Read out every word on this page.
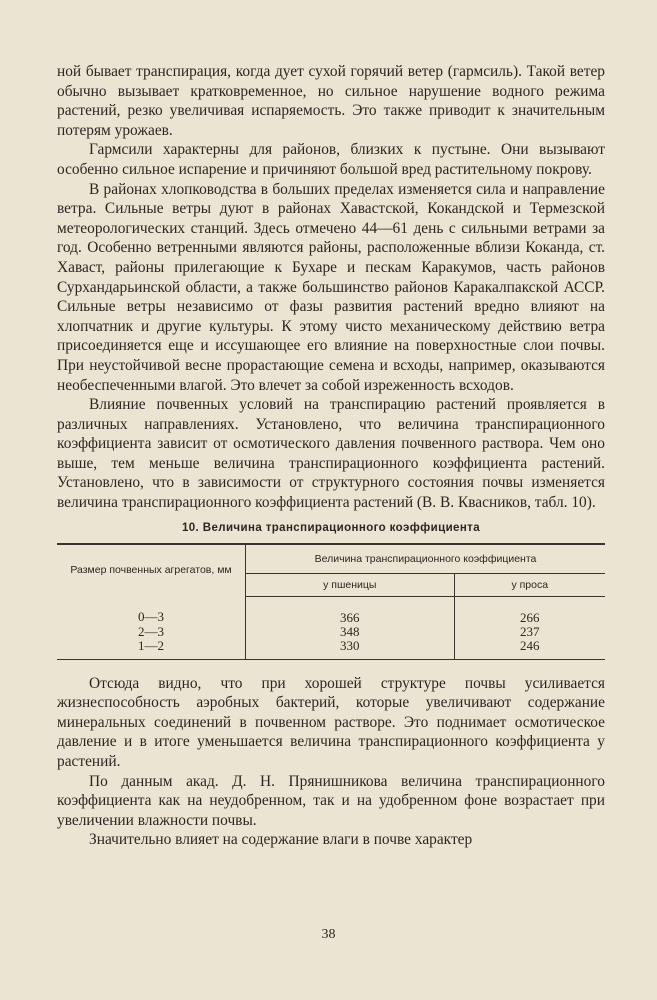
ной бывает транспирация, когда дует сухой горячий ветер (гармсиль). Такой ветер обычно вызывает кратковременное, но сильное нарушение водного режима растений, резко увеличивая испаряемость. Это также приводит к значительным потерям урожаев.

Гармсили характерны для районов, близких к пустыне. Они вызывают особенно сильное испарение и причиняют большой вред растительному покрову.

В районах хлопководства в больших пределах изменяется сила и направление ветра. Сильные ветры дуют в районах Хавастской, Кокандской и Термезской метеорологических станций. Здесь отмечено 44—61 день с сильными ветрами за год. Особенно ветренными являются районы, расположенные вблизи Коканда, ст. Хаваст, районы прилегающие к Бухаре и пескам Каракумов, часть районов Сурхандарьинской области, а также большинство районов Каракалпакской АССР. Сильные ветры независимо от фазы развития растений вредно влияют на хлопчатник и другие культуры. К этому чисто механическому действию ветра присоединяется еще и иссушающее его влияние на поверхностные слои почвы. При неустойчивой весне прорастающие семена и всходы, например, оказываются необеспеченными влагой. Это влечет за собой изреженность всходов.

Влияние почвенных условий на транспирацию растений проявляется в различных направлениях. Установлено, что величина транспирационного коэффициента зависит от осмотического давления почвенного раствора. Чем оно выше, тем меньше величина транспирационного коэффициента растений. Установлено, что в зависимости от структурного состояния почвы изменяется величина транспирационного коэффициента растений (В. В. Квасников, табл. 10).

10. Величина транспирационного коэффициента
Размер почвенных агрегатов, мм	Величина транспирационного коэффициента	
	у пшеницы	у проса
0—3	366	266
2—3	348	237
1—2	330	246

Отсюда видно, что при хорошей структуре почвы усиливается жизнеспособность аэробных бактерий, которые увеличивают содержание минеральных соединений в почвенном растворе. Это поднимает осмотическое давление и в итоге уменьшается величина транспирационного коэффициента у растений.

По данным акад. Д. Н. Прянишникова величина транспирационного коэффициента как на неудобренном, так и на удобренном фоне возрастает при увеличении влажности почвы.

Значительно влияет на содержание влаги в почве характер

38
